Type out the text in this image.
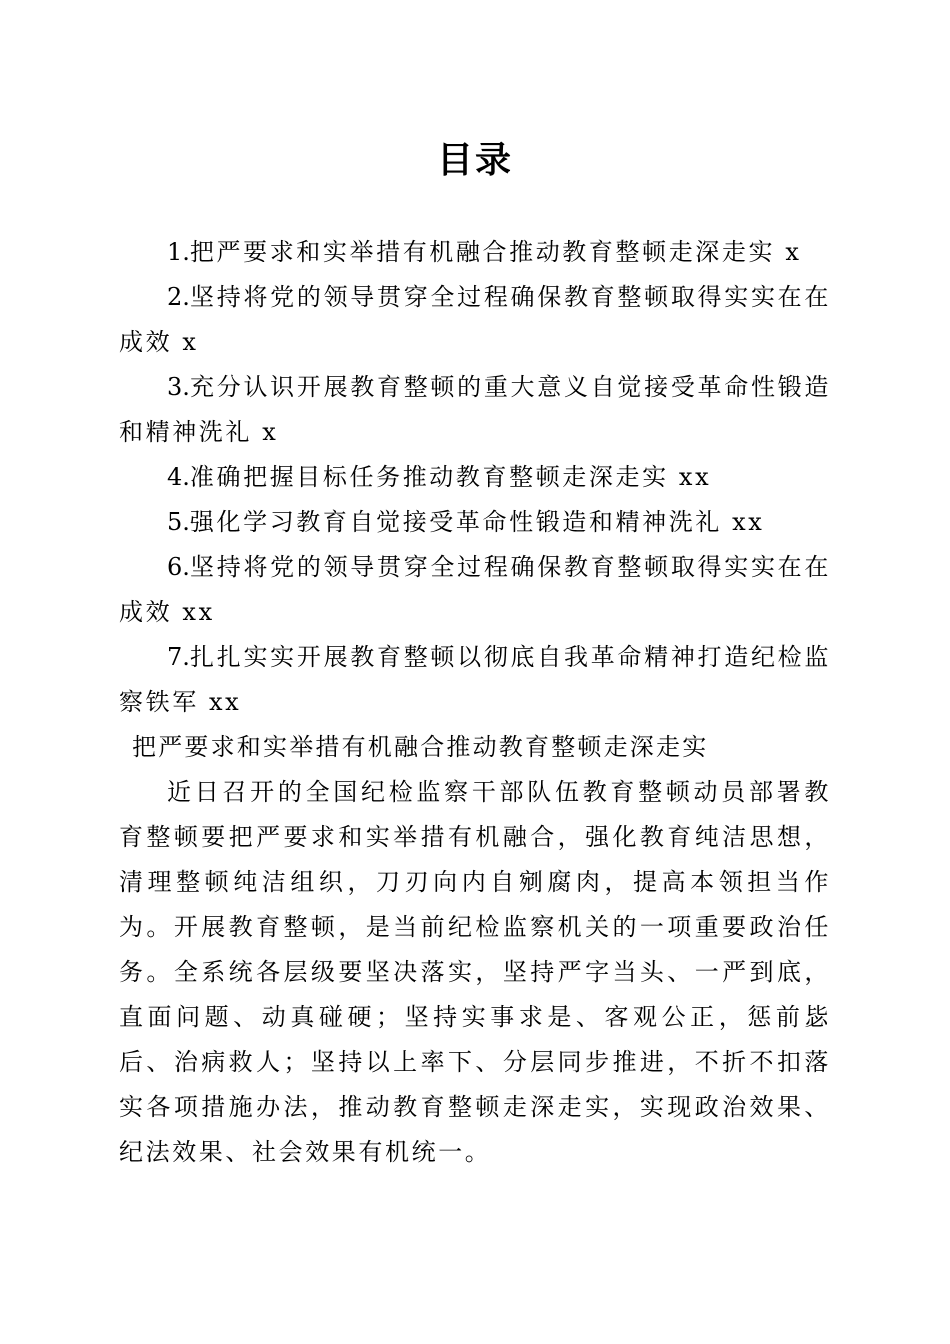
目录

1.把严要求和实举措有机融合推动教育整顿走深走实 x

2.坚持将党的领导贯穿全过程确保教育整顿取得实实在在成效 x

3.充分认识开展教育整顿的重大意义自觉接受革命性锻造和精神洗礼 x

4.准确把握目标任务推动教育整顿走深走实 xx

5.强化学习教育自觉接受革命性锻造和精神洗礼 xx

6.坚持将党的领导贯穿全过程确保教育整顿取得实实在在成效 xx

7.扎扎实实开展教育整顿以彻底自我革命精神打造纪检监察铁军 xx

把严要求和实举措有机融合推动教育整顿走深走实

近日召开的全国纪检监察干部队伍教育整顿动员部署教育整顿要把严要求和实举措有机融合，强化教育纯洁思想，清理整顿纯洁组织，刀刃向内自剜腐肉，提高本领担当作为。开展教育整顿，是当前纪检监察机关的一项重要政治任务。全系统各层级要坚决落实，坚持严字当头、一严到底，直面问题、动真碰硬；坚持实事求是、客观公正，惩前毖后、治病救人；坚持以上率下、分层同步推进，不折不扣落实各项措施办法，推动教育整顿走深走实，实现政治效果、纪法效果、社会效果有机统一。
